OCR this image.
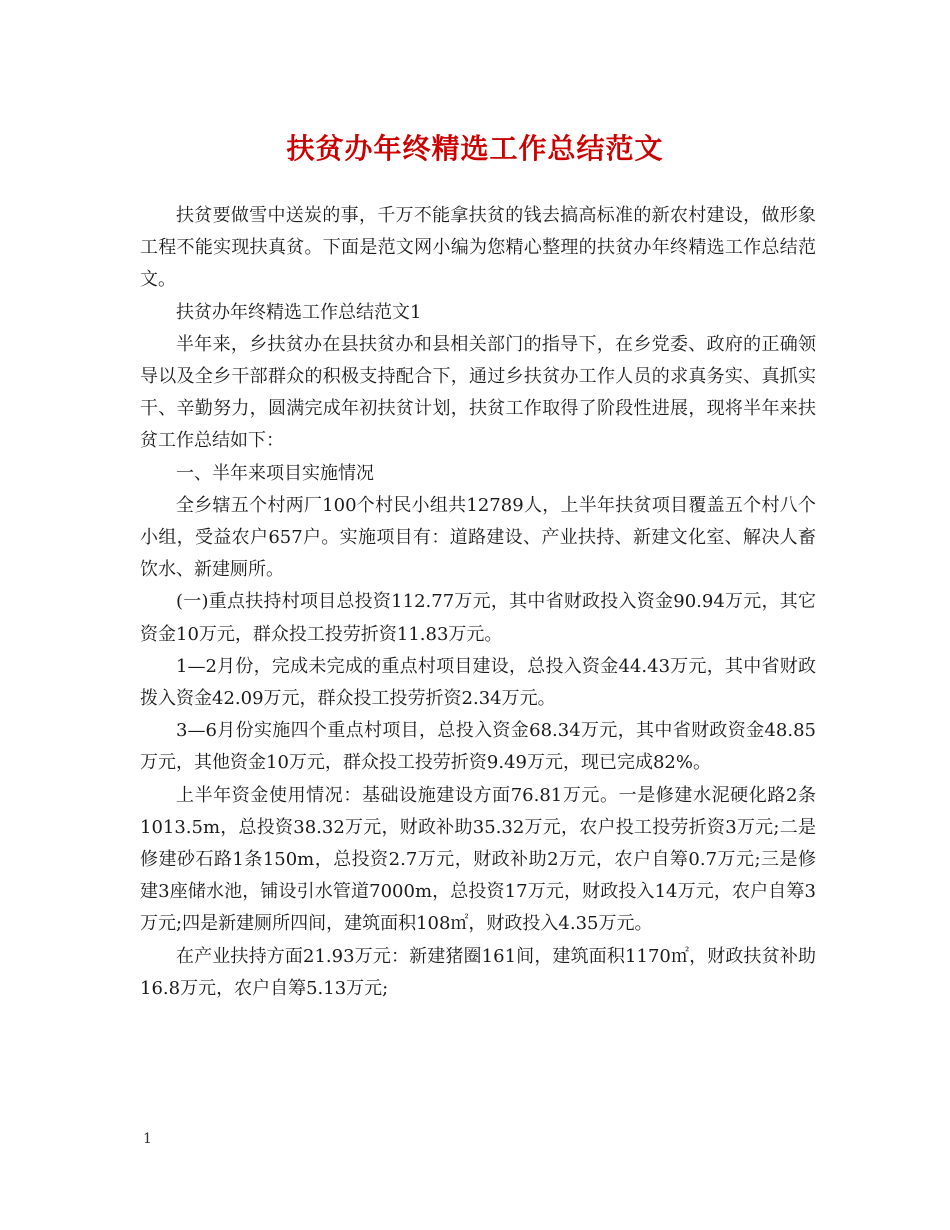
扶贫办年终精选工作总结范文

扶贫要做雪中送炭的事，千万不能拿扶贫的钱去搞高标准的新农村建设，做形象工程不能实现扶真贫。下面是范文网小编为您精心整理的扶贫办年终精选工作总结范文。

扶贫办年终精选工作总结范文1

半年来，乡扶贫办在县扶贫办和县相关部门的指导下，在乡党委、政府的正确领导以及全乡干部群众的积极支持配合下，通过乡扶贫办工作人员的求真务实、真抓实干、辛勤努力，圆满完成年初扶贫计划，扶贫工作取得了阶段性进展，现将半年来扶贫工作总结如下：

一、半年来项目实施情况

全乡辖五个村两厂100个村民小组共12789人，上半年扶贫项目覆盖五个村八个小组，受益农户657户。实施项目有：道路建设、产业扶持、新建文化室、解决人畜饮水、新建厕所。

(一)重点扶持村项目总投资112.77万元，其中省财政投入资金90.94万元，其它资金10万元，群众投工投劳折资11.83万元。

1—2月份，完成未完成的重点村项目建设，总投入资金44.43万元，其中省财政拨入资金42.09万元，群众投工投劳折资2.34万元。

3—6月份实施四个重点村项目，总投入资金68.34万元，其中省财政资金48.85万元，其他资金10万元，群众投工投劳折资9.49万元，现已完成82%。

上半年资金使用情况：基础设施建设方面76.81万元。一是修建水泥硬化路2条1013.5m，总投资38.32万元，财政补助35.32万元，农户投工投劳折资3万元;二是修建砂石路1条150m，总投资2.7万元，财政补助2万元，农户自筹0.7万元;三是修建3座储水池，铺设引水管道7000m，总投资17万元，财政投入14万元，农户自筹3万元;四是新建厕所四间，建筑面积108㎡，财政投入4.35万元。

在产业扶持方面21.93万元：新建猪圈161间，建筑面积1170㎡，财政扶贫补助16.8万元，农户自筹5.13万元;

1
